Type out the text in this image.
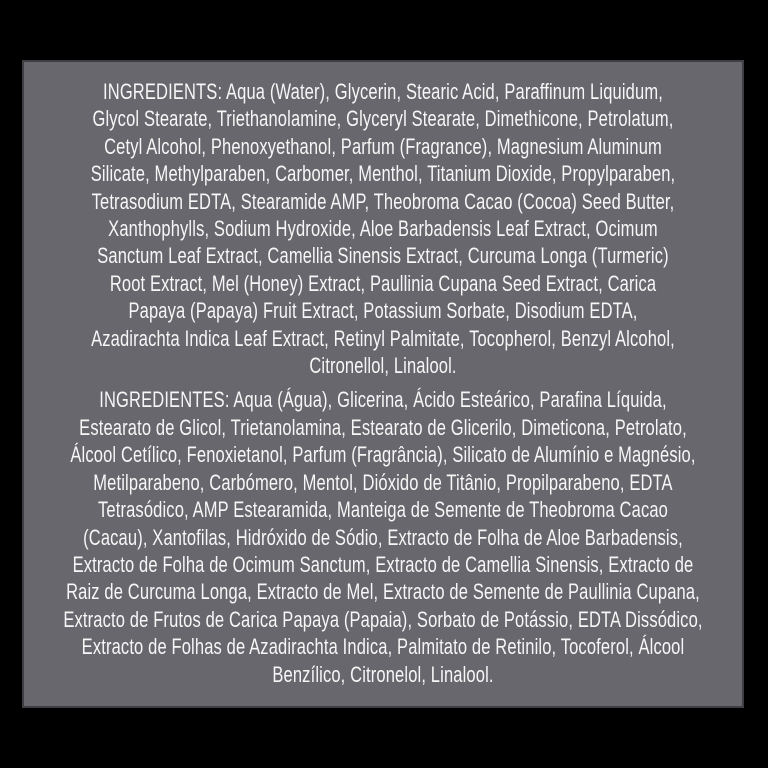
INGREDIENTS: Aqua (Water), Glycerin, Stearic Acid, Paraffinum Liquidum,
Glycol Stearate, Triethanolamine, Glyceryl Stearate, Dimethicone, Petrolatum,
Cetyl Alcohol, Phenoxyethanol, Parfum (Fragrance), Magnesium Aluminum
Silicate, Methylparaben, Carbomer, Menthol, Titanium Dioxide, Propylparaben,
Tetrasodium EDTA, Stearamide AMP, Theobroma Cacao (Cocoa) Seed Butter,
Xanthophylls, Sodium Hydroxide, Aloe Barbadensis Leaf Extract, Ocimum
Sanctum Leaf Extract, Camellia Sinensis Extract, Curcuma Longa (Turmeric)
Root Extract, Mel (Honey) Extract, Paullinia Cupana Seed Extract, Carica
Papaya (Papaya) Fruit Extract, Potassium Sorbate, Disodium EDTA,
Azadirachta Indica Leaf Extract, Retinyl Palmitate, Tocopherol, Benzyl Alcohol,
Citronellol, Linalool.
INGREDIENTES: Aqua (Água), Glicerina, Ácido Esteárico, Parafina Líquida,
Estearato de Glicol, Trietanolamina, Estearato de Glicerilo, Dimeticona, Petrolato,
Álcool Cetílico, Fenoxietanol, Parfum (Fragrância), Silicato de Alumínio e Magnésio,
Metilparabeno, Carbómero, Mentol, Dióxido de Titânio, Propilparabeno, EDTA
Tetrasódico, AMP Estearamida, Manteiga de Semente de Theobroma Cacao
(Cacau), Xantofilas, Hidróxido de Sódio, Extracto de Folha de Aloe Barbadensis,
Extracto de Folha de Ocimum Sanctum, Extracto de Camellia Sinensis, Extracto de
Raiz de Curcuma Longa, Extracto de Mel, Extracto de Semente de Paullinia Cupana,
Extracto de Frutos de Carica Papaya (Papaia), Sorbato de Potássio, EDTA Dissódico,
Extracto de Folhas de Azadirachta Indica, Palmitato de Retinilo, Tocoferol, Álcool
Benzílico, Citronelol, Linalool.
